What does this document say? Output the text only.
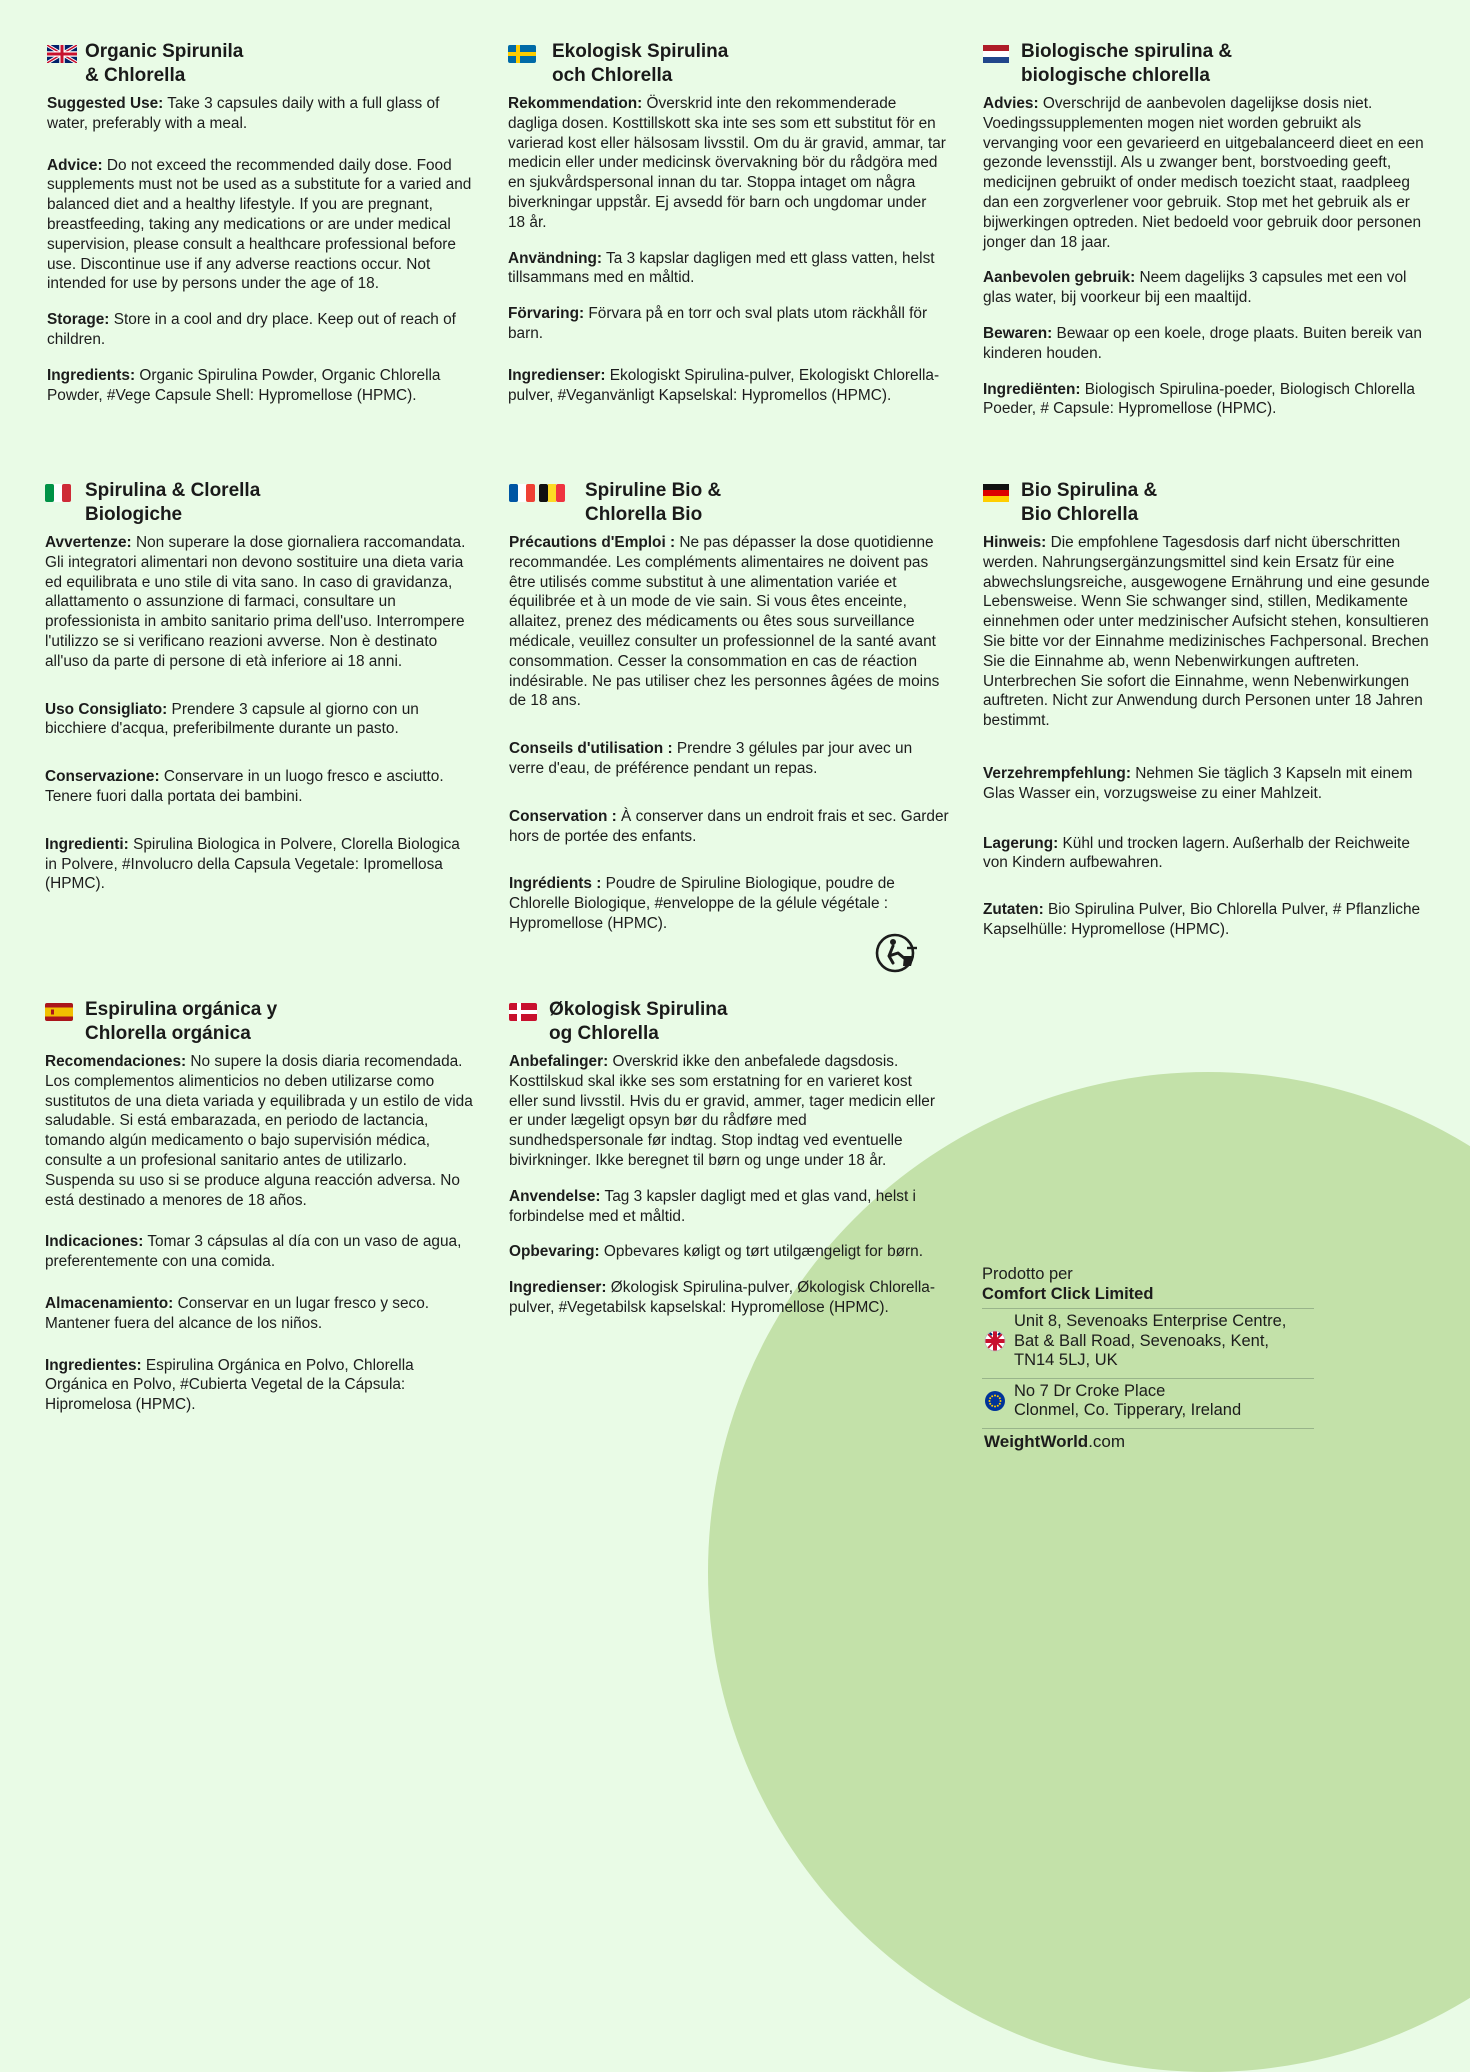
Organic Spirunila
& Chlorella

Suggested Use: Take 3 capsules daily with a full glass of water, preferably with a meal.

Advice: Do not exceed the recommended daily dose. Food supplements must not be used as a substitute for a varied and balanced diet and a healthy lifestyle. If you are pregnant, breastfeeding, taking any medications or are under medical supervision, please consult a healthcare professional before use. Discontinue use if any adverse reactions occur. Not intended for use by persons under the age of 18.

Storage: Store in a cool and dry place. Keep out of reach of children.

Ingredients: Organic Spirulina Powder, Organic Chlorella Powder, #Vege Capsule Shell: Hypromellose (HPMC).

Ekologisk Spirulina
och Chlorella

Rekommendation: Överskrid inte den rekommenderade dagliga dosen. Kosttillskott ska inte ses som ett substitut för en varierad kost eller hälsosam livsstil. Om du är gravid, ammar, tar medicin eller under medicinsk övervakning bör du rådgöra med en sjukvårdspersonal innan du tar. Stoppa intaget om några biverkningar uppstår. Ej avsedd för barn och ungdomar under 18 år.

Användning: Ta 3 kapslar dagligen med ett glass vatten, helst tillsammans med en måltid.

Förvaring: Förvara på en torr och sval plats utom räckhåll för barn.

Ingredienser: Ekologiskt Spirulina-pulver, Ekologiskt Chlorella-pulver, #Veganvänligt Kapselskal: Hypromellos (HPMC).

Biologische spirulina &
biologische chlorella

Advies: Overschrijd de aanbevolen dagelijkse dosis niet. Voedingssupplementen mogen niet worden gebruikt als vervanging voor een gevarieerd en uitgebalanceerd dieet en een gezonde levensstijl. Als u zwanger bent, borstvoeding geeft, medicijnen gebruikt of onder medisch toezicht staat, raadpleeg dan een zorgverlener voor gebruik. Stop met het gebruik als er bijwerkingen optreden. Niet bedoeld voor gebruik door personen jonger dan 18 jaar.

Aanbevolen gebruik: Neem dagelijks 3 capsules met een vol glas water, bij voorkeur bij een maaltijd.

Bewaren: Bewaar op een koele, droge plaats. Buiten bereik van kinderen houden.

Ingrediënten: Biologisch Spirulina-poeder, Biologisch Chlorella Poeder, # Capsule: Hypromellose (HPMC).

Spirulina & Clorella
Biologiche

Avvertenze: Non superare la dose giornaliera raccomandata. Gli integratori alimentari non devono sostituire una dieta varia ed equilibrata e uno stile di vita sano. In caso di gravidanza, allattamento o assunzione di farmaci, consultare un professionista in ambito sanitario prima dell'uso. Interrompere l'utilizzo se si verificano reazioni avverse. Non è destinato all'uso da parte di persone di età inferiore ai 18 anni.

Uso Consigliato: Prendere 3 capsule al giorno con un bicchiere d'acqua, preferibilmente durante un pasto.

Conservazione: Conservare in un luogo fresco e asciutto. Tenere fuori dalla portata dei bambini.

Ingredienti: Spirulina Biologica in Polvere, Clorella Biologica in Polvere, #Involucro della Capsula Vegetale: Ipromellosa (HPMC).

Spiruline Bio &
Chlorella Bio

Précautions d'Emploi : Ne pas dépasser la dose quotidienne recommandée. Les compléments alimentaires ne doivent pas être utilisés comme substitut à une alimentation variée et équilibrée et à un mode de vie sain. Si vous êtes enceinte, allaitez, prenez des médicaments ou êtes sous surveillance médicale, veuillez consulter un professionnel de la santé avant consommation. Cesser la consommation en cas de réaction indésirable. Ne pas utiliser chez les personnes âgées de moins de 18 ans.

Conseils d'utilisation : Prendre 3 gélules par jour avec un verre d'eau, de préférence pendant un repas.

Conservation : À conserver dans un endroit frais et sec. Garder hors de portée des enfants.

Ingrédients : Poudre de Spiruline Biologique, poudre de Chlorelle Biologique, #enveloppe de la gélule végétale : Hypromellose (HPMC).

Bio Spirulina &
Bio Chlorella

Hinweis: Die empfohlene Tagesdosis darf nicht überschritten werden. Nahrungsergänzungsmittel sind kein Ersatz für eine abwechslungsreiche, ausgewogene Ernährung und eine gesunde Lebensweise. Wenn Sie schwanger sind, stillen, Medikamente einnehmen oder unter medzinischer Aufsicht stehen, konsultieren Sie bitte vor der Einnahme medizinisches Fachpersonal. Brechen Sie die Einnahme ab, wenn Nebenwirkungen auftreten. Unterbrechen Sie sofort die Einnahme, wenn Nebenwirkungen auftreten. Nicht zur Anwendung durch Personen unter 18 Jahren bestimmt.

Verzehrempfehlung: Nehmen Sie täglich 3 Kapseln mit einem Glas Wasser ein, vorzugsweise zu einer Mahlzeit.

Lagerung: Kühl und trocken lagern. Außerhalb der Reichweite von Kindern aufbewahren.

Zutaten: Bio Spirulina Pulver, Bio Chlorella Pulver, # Pflanzliche Kapselhülle: Hypromellose (HPMC).

Espirulina orgánica y
Chlorella orgánica

Recomendaciones: No supere la dosis diaria recomendada. Los complementos alimenticios no deben utilizarse como sustitutos de una dieta variada y equilibrada y un estilo de vida saludable. Si está embarazada, en periodo de lactancia, tomando algún medicamento o bajo supervisión médica, consulte a un profesional sanitario antes de utilizarlo. Suspenda su uso si se produce alguna reacción adversa. No está destinado a menores de 18 años.

Indicaciones: Tomar 3 cápsulas al día con un vaso de agua, preferentemente con una comida.

Almacenamiento: Conservar en un lugar fresco y seco. Mantener fuera del alcance de los niños.

Ingredientes: Espirulina Orgánica en Polvo, Chlorella Orgánica en Polvo, #Cubierta Vegetal de la Cápsula: Hipromelosa (HPMC).

Økologisk Spirulina
og Chlorella

Anbefalinger: Overskrid ikke den anbefalede dagsdosis. Kosttilskud skal ikke ses som erstatning for en varieret kost eller sund livsstil. Hvis du er gravid, ammer, tager medicin eller er under lægeligt opsyn bør du rådføre med sundhedspersonale før indtag. Stop indtag ved eventuelle bivirkninger. Ikke beregnet til børn og unge under 18 år.

Anvendelse: Tag 3 kapsler dagligt med et glas vand, helst i forbindelse med et måltid.

Opbevaring: Opbevares køligt og tørt utilgængeligt for børn.

Ingredienser: Økologisk Spirulina-pulver, Økologisk Chlorella-pulver, #Vegetabilsk kapselskal: Hypromellose (HPMC).

Prodotto per

Comfort Click Limited

Unit 8, Sevenoaks Enterprise Centre,

Bat & Ball Road, Sevenoaks, Kent,

TN14 5LJ, UK

No 7 Dr Croke Place

Clonmel, Co. Tipperary, Ireland

WeightWorld.com
